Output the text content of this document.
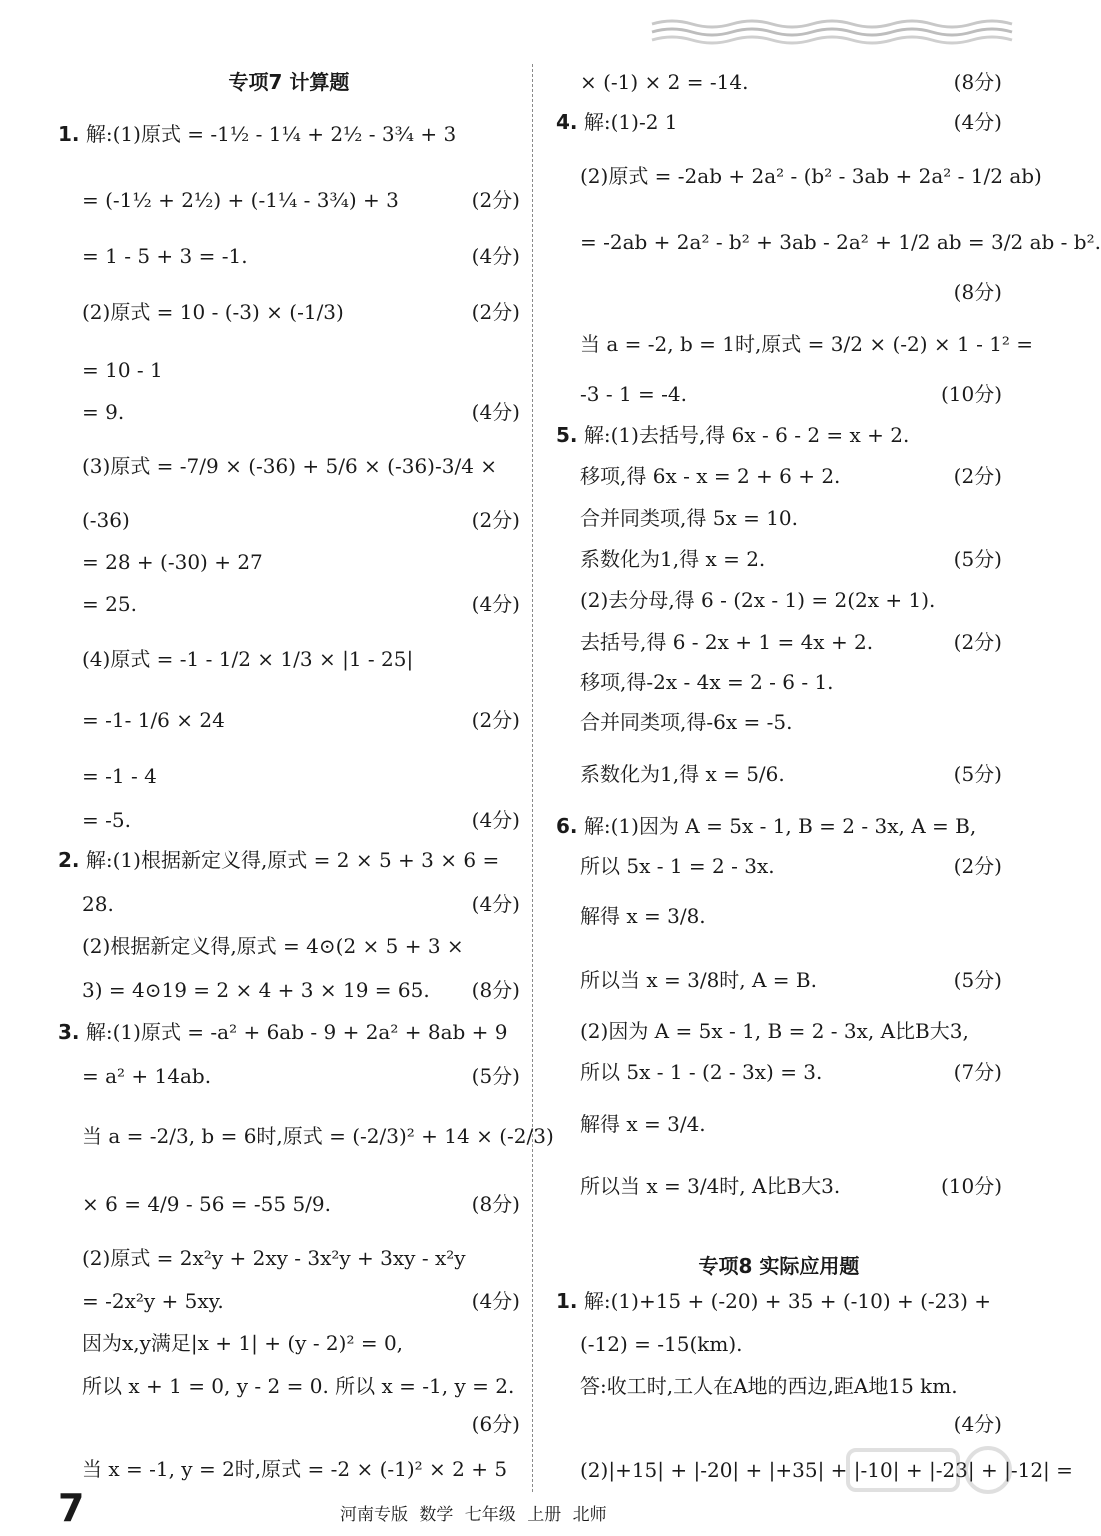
专项7 计算题
1. 解:(1)原式 = -1½ - 1¼ + 2½ - 3¾ + 3
= (-1½ + 2½) + (-1¼ - 3¾) + 3	(2分)
= 1 - 5 + 3 = -1.	(4分)
(2)原式 = 10 - (-3) × (-1/3)	(2分)
= 10 - 1
= 9.	(4分)
(3)原式 = -7/9 × (-36) + 5/6 × (-36)-3/4 ×
(-36)	(2分)
= 28 + (-30) + 27
= 25.	(4分)
(4)原式 = -1 - 1/2 × 1/3 × |1 - 25|
= -1- 1/6 × 24	(2分)
= -1 - 4
= -5.	(4分)
2. 解:(1)根据新定义得,原式 = 2 × 5 + 3 × 6 =
28.	(4分)
(2)根据新定义得,原式 = 4⊙(2 × 5 + 3 ×
3) = 4⊙19 = 2 × 4 + 3 × 19 = 65. (8分)
3. 解:(1)原式 = -a² + 6ab - 9 + 2a² + 8ab + 9
= a² + 14ab.	(5分)
当 a = -2/3, b = 6时,原式 = (-2/3)² + 14 × (-2/3)
× 6 = 4/9 - 56 = -55 5/9.	(8分)
(2)原式 = 2x²y + 2xy - 3x²y + 3xy - x²y
= -2x²y + 5xy.	(4分)
因为x,y满足|x + 1| + (y - 2)² = 0,
所以 x + 1 = 0, y - 2 = 0. 所以 x = -1, y = 2.
(6分)
当 x = -1, y = 2时,原式 = -2 × (-1)² × 2 + 5
专项8 实际应用题
× (-1) × 2 = -14.	(8分)
4. 解:(1)-2 1	(4分)
(2)原式 = -2ab + 2a² - (b² - 3ab + 2a² - 1/2 ab)
= -2ab + 2a² - b² + 3ab - 2a² + 1/2 ab = 3/2 ab - b².
(8分)
当 a = -2, b = 1时,原式 = 3/2 × (-2) × 1 - 1² =
-3 - 1 = -4.	(10分)
5. 解:(1)去括号,得 6x - 6 - 2 = x + 2.
移项,得 6x - x = 2 + 6 + 2.	(2分)
合并同类项,得 5x = 10.
系数化为1,得 x = 2.	(5分)
(2)去分母,得 6 - (2x - 1) = 2(2x + 1).
去括号,得 6 - 2x + 1 = 4x + 2.	(2分)
移项,得-2x - 4x = 2 - 6 - 1.
合并同类项,得-6x = -5.
系数化为1,得 x = 5/6.	(5分)
6. 解:(1)因为 A = 5x - 1, B = 2 - 3x, A = B,
所以 5x - 1 = 2 - 3x.	(2分)
解得 x = 3/8.
所以当 x = 3/8时, A = B.	(5分)
(2)因为 A = 5x - 1, B = 2 - 3x, A比B大3,
所以 5x - 1 - (2 - 3x) = 3.	(7分)
解得 x = 3/4.
所以当 x = 3/4时, A比B大3.	(10分)
1. 解:(1)+15 + (-20) + 35 + (-10) + (-23) +
(-12) = -15(km).
答:收工时,工人在A地的西边,距A地15 km.
(4分)
(2)|+15| + |-20| + |+35| + |-10| + |-23| + |-12| =
7	河南专版 数学 七年级 上册 北师
